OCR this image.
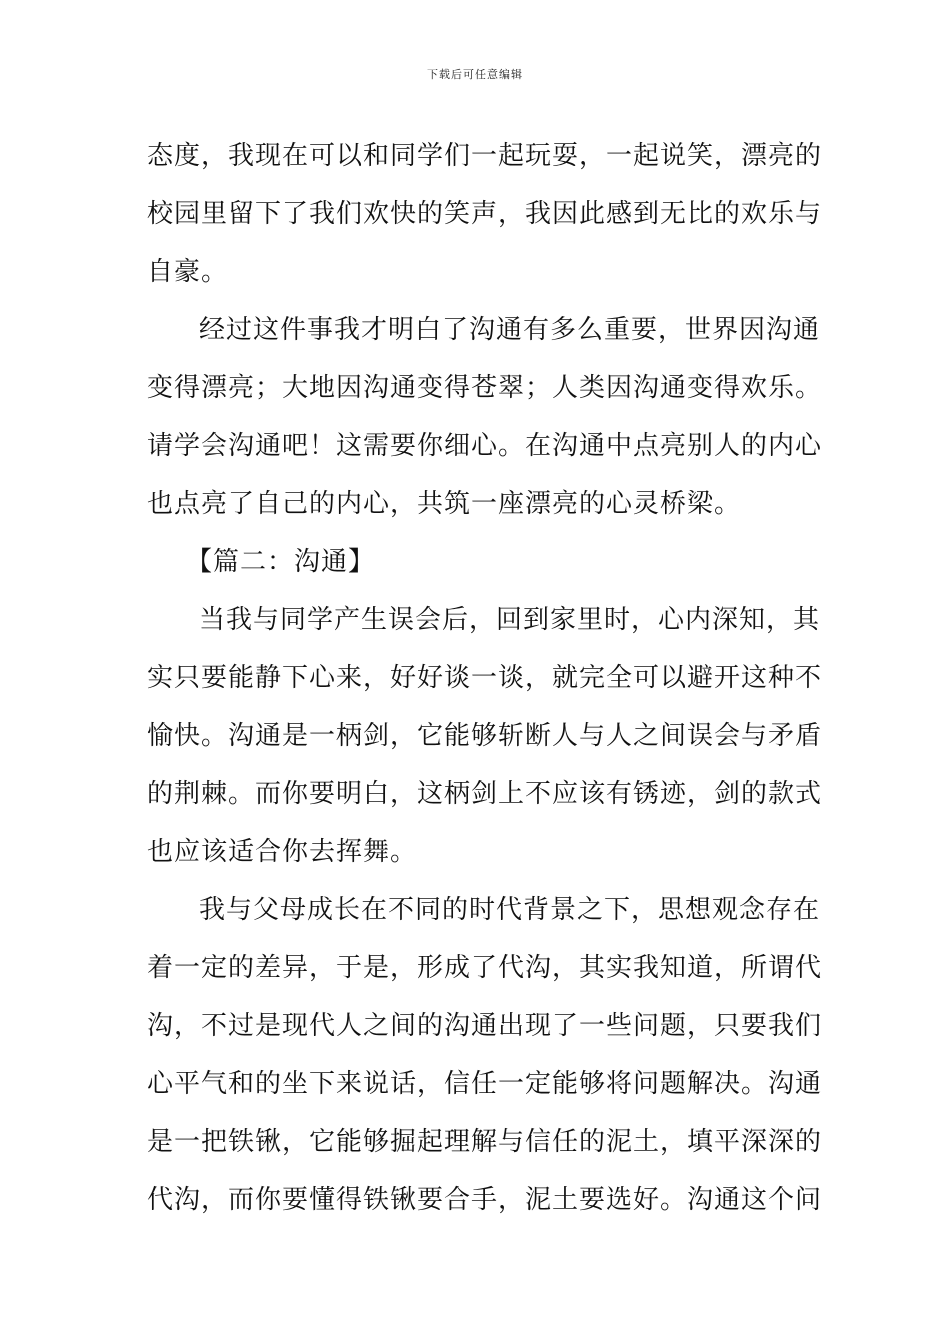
下载后可任意编辑
态度，我现在可以和同学们一起玩耍，一起说笑，漂亮的
校园里留下了我们欢快的笑声，我因此感到无比的欢乐与
自豪。
经过这件事我才明白了沟通有多么重要，世界因沟通
变得漂亮；大地因沟通变得苍翠；人类因沟通变得欢乐。
请学会沟通吧！这需要你细心。在沟通中点亮别人的内心
也点亮了自己的内心，共筑一座漂亮的心灵桥梁。
【篇二：沟通】
当我与同学产生误会后，回到家里时，心内深知，其
实只要能静下心来，好好谈一谈，就完全可以避开这种不
愉快。沟通是一柄剑，它能够斩断人与人之间误会与矛盾
的荆棘。而你要明白，这柄剑上不应该有锈迹，剑的款式
也应该适合你去挥舞。
我与父母成长在不同的时代背景之下，思想观念存在
着一定的差异，于是，形成了代沟，其实我知道，所谓代
沟，不过是现代人之间的沟通出现了一些问题，只要我们
心平气和的坐下来说话，信任一定能够将问题解决。沟通
是一把铁锹，它能够掘起理解与信任的泥土，填平深深的
代沟，而你要懂得铁锹要合手，泥土要选好。沟通这个问
